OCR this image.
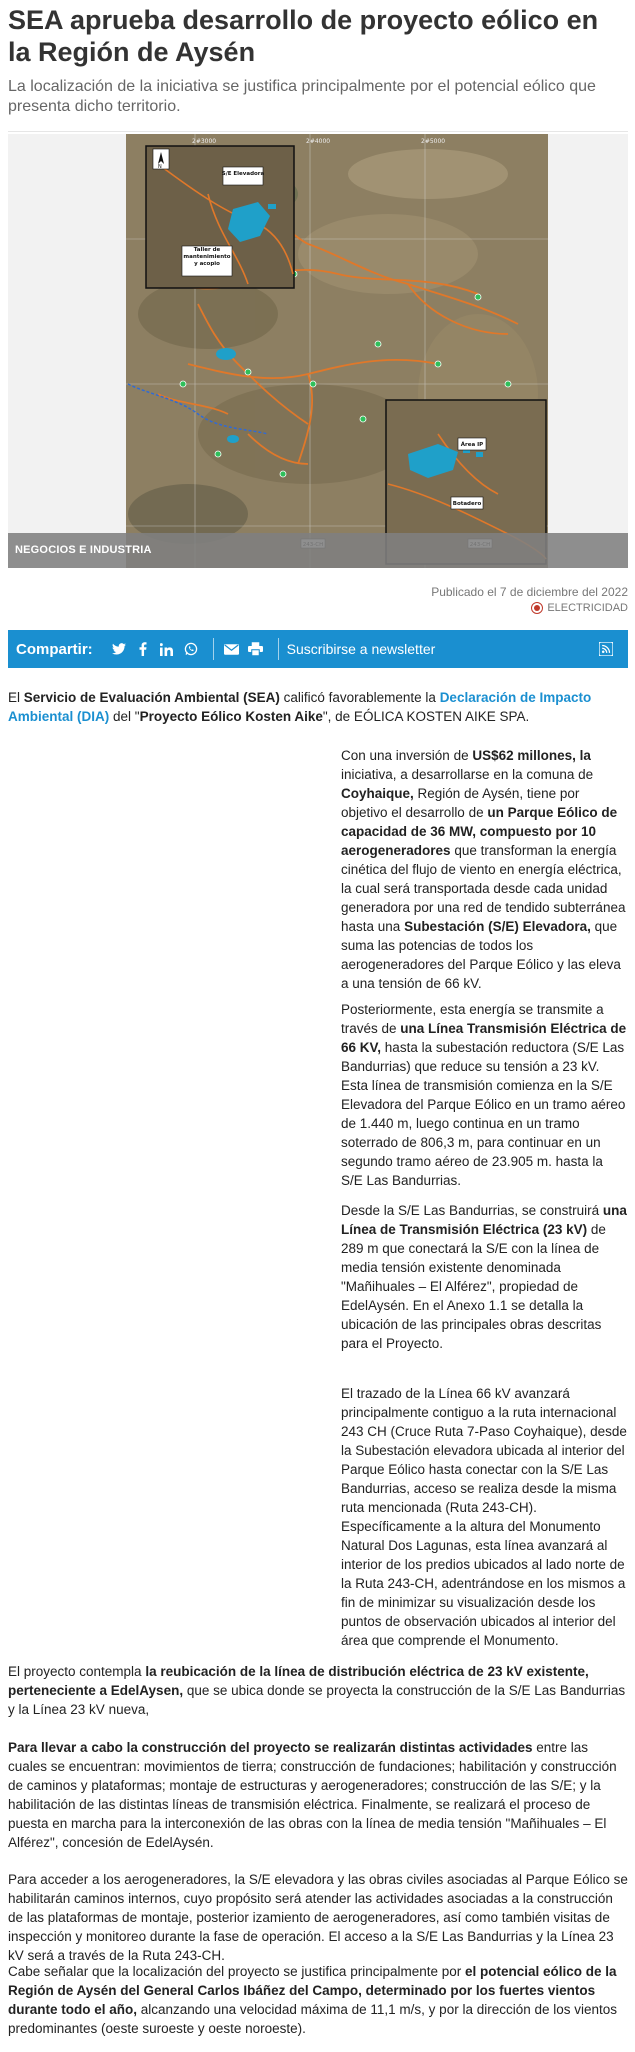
SEA aprueba desarrollo de proyecto eólico en la Región de Aysén

La localización de la iniciativa se justifica principalmente por el potencial eólico que presenta dicho territorio.

2#3000	2#4000	2#5000
N
S/E Elevadora
Taller de mantenimiento y acopio
Área IP
Botadero
NEGOCIOS E INDUSTRIA
Publicado el 7 de diciembre del 2022
ELECTRICIDAD
Compartir:	Suscribirse a newsletter

El Servicio de Evaluación Ambiental (SEA) calificó favorablemente la Declaración de Impacto Ambiental (DIA) del "Proyecto Eólico Kosten Aike", de EÓLICA KOSTEN AIKE SPA.

Con una inversión de US$62 millones, la iniciativa, a desarrollarse en la comuna de Coyhaique, Región de Aysén, tiene por objetivo el desarrollo de un Parque Eólico de capacidad de 36 MW, compuesto por 10 aerogeneradores que transforman la energía cinética del flujo de viento en energía eléctrica, la cual será transportada desde cada unidad generadora por una red de tendido subterránea hasta una Subestación (S/E) Elevadora, que suma las potencias de todos los aerogeneradores del Parque Eólico y las eleva a una tensión de 66 kV.

Posteriormente, esta energía se transmite a través de una Línea Transmisión Eléctrica de 66 KV, hasta la subestación reductora (S/E Las Bandurrias) que reduce su tensión a 23 kV. Esta línea de transmisión comienza en la S/E Elevadora del Parque Eólico en un tramo aéreo de 1.440 m, luego continua en un tramo soterrado de 806,3 m, para continuar en un segundo tramo aéreo de 23.905 m. hasta la S/E Las Bandurrias.

Desde la S/E Las Bandurrias, se construirá una Línea de Transmisión Eléctrica (23 kV) de 289 m que conectará la S/E con la línea de media tensión existente denominada "Mañihuales – El Alférez", propiedad de EdelAysén. En el Anexo 1.1 se detalla la ubicación de las principales obras descritas para el Proyecto.

El trazado de la Línea 66 kV avanzará principalmente contiguo a la ruta internacional 243 CH (Cruce Ruta 7-Paso Coyhaique), desde la Subestación elevadora ubicada al interior del Parque Eólico hasta conectar con la S/E Las Bandurrias, acceso se realiza desde la misma ruta mencionada (Ruta 243-CH). Específicamente a la altura del Monumento Natural Dos Lagunas, esta línea avanzará al interior de los predios ubicados al lado norte de la Ruta 243-CH, adentrándose en los mismos a fin de minimizar su visualización desde los puntos de observación ubicados al interior del área que comprende el Monumento.

El proyecto contempla la reubicación de la línea de distribución eléctrica de 23 kV existente, perteneciente a EdelAysen, que se ubica donde se proyecta la construcción de la S/E Las Bandurrias y la Línea 23 kV nueva,

Para llevar a cabo la construcción del proyecto se realizarán distintas actividades entre las cuales se encuentran: movimientos de tierra; construcción de fundaciones; habilitación y construcción de caminos y plataformas; montaje de estructuras y aerogeneradores; construcción de las S/E; y la habilitación de las distintas líneas de transmisión eléctrica. Finalmente, se realizará el proceso de puesta en marcha para la interconexión de las obras con la línea de media tensión "Mañihuales – El Alférez", concesión de EdelAysén.

Para acceder a los aerogeneradores, la S/E elevadora y las obras civiles asociadas al Parque Eólico se habilitarán caminos internos, cuyo propósito será atender las actividades asociadas a la construcción de las plataformas de montaje, posterior izamiento de aerogeneradores, así como también visitas de inspección y monitoreo durante la fase de operación. El acceso a la S/E Las Bandurrias y la Línea 23 kV será a través de la Ruta 243-CH.

Cabe señalar que la localización del proyecto se justifica principalmente por el potencial eólico de la Región de Aysén del General Carlos Ibáñez del Campo, determinado por los fuertes vientos durante todo el año, alcanzando una velocidad máxima de 11,1 m/s, y por la dirección de los vientos predominantes (oeste suroeste y oeste noroeste).
